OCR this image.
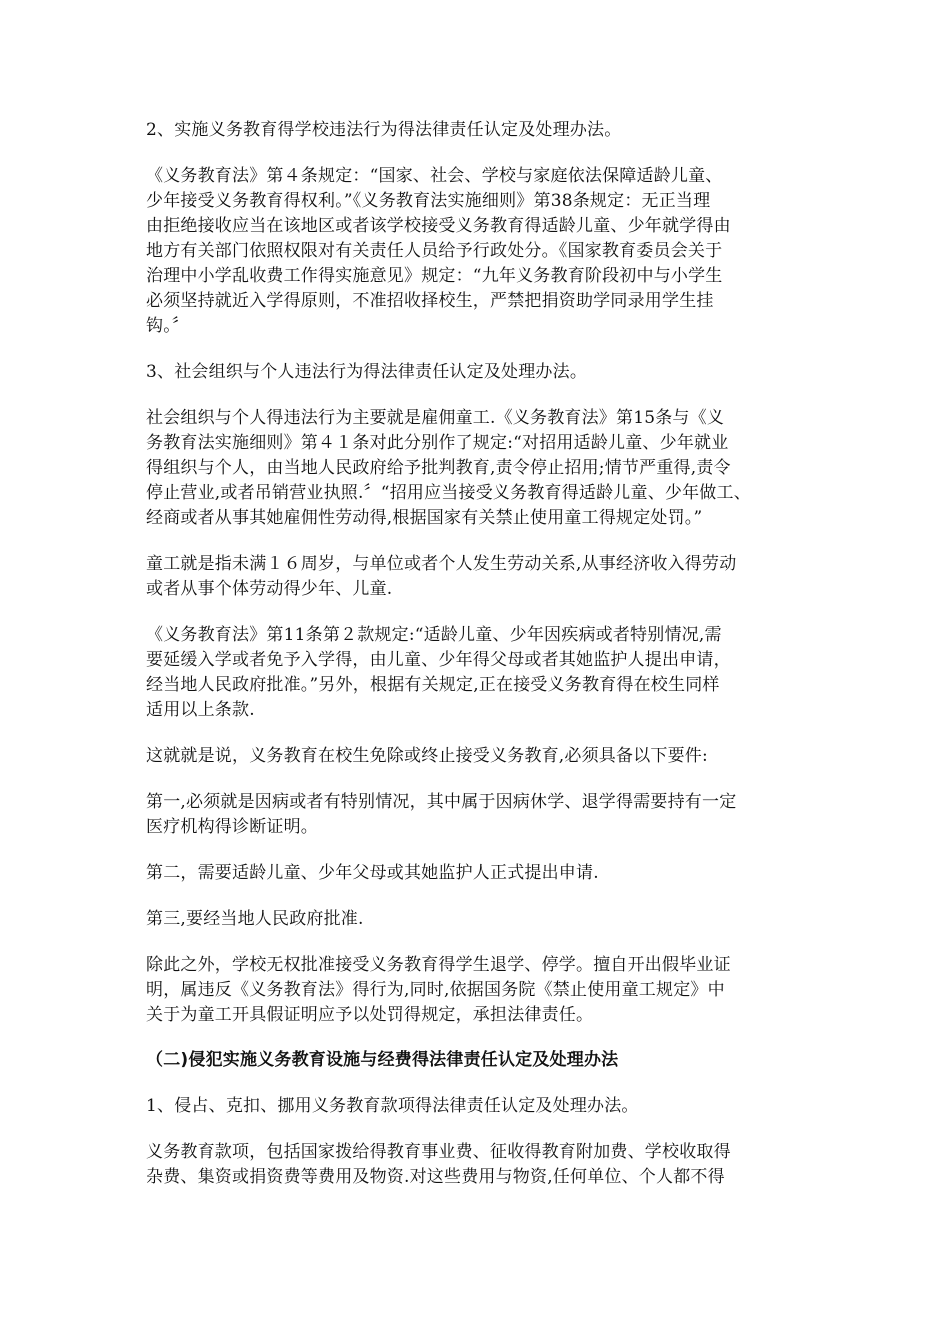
2、实施义务教育得学校违法行为得法律责任认定及处理办法。
《义务教育法》第４条规定：“国家、社会、学校与家庭依法保障适龄儿童、
少年接受义务教育得权利。”《义务教育法实施细则》第38条规定：无正当理
由拒绝接收应当在该地区或者该学校接受义务教育得适龄儿童、少年就学得由
地方有关部门依照权限对有关责任人员给予行政处分。《国家教育委员会关于
治理中小学乱收费工作得实施意见》规定：“九年义务教育阶段初中与小学生
必须坚持就近入学得原则，不准招收择校生，严禁把捐资助学同录用学生挂
钩。〞
3、社会组织与个人违法行为得法律责任认定及处理办法。
社会组织与个人得违法行为主要就是雇佣童工.《义务教育法》第15条与《义
务教育法实施细则》第４１条对此分别作了规定:“对招用适龄儿童、少年就业
得组织与个人，由当地人民政府给予批判教育,责令停止招用;情节严重得,责令
停止营业,或者吊销营业执照.〞“招用应当接受义务教育得适龄儿童、少年做工、
经商或者从事其她雇佣性劳动得,根据国家有关禁止使用童工得规定处罚。”
童工就是指未满１６周岁，与单位或者个人发生劳动关系,从事经济收入得劳动
或者从事个体劳动得少年、儿童.
《义务教育法》第11条第２款规定:“适龄儿童、少年因疾病或者特别情况,需
要延缓入学或者免予入学得，由儿童、少年得父母或者其她监护人提出申请，
经当地人民政府批准。”另外，根据有关规定,正在接受义务教育得在校生同样
适用以上条款.
这就就是说，义务教育在校生免除或终止接受义务教育,必须具备以下要件:
第一,必须就是因病或者有特别情况，其中属于因病休学、退学得需要持有一定
医疗机构得诊断证明。
第二，需要适龄儿童、少年父母或其她监护人正式提出申请.
第三,要经当地人民政府批准.
除此之外，学校无权批准接受义务教育得学生退学、停学。擅自开出假毕业证
明，属违反《义务教育法》得行为,同时,依据国务院《禁止使用童工规定》中
关于为童工开具假证明应予以处罚得规定，承担法律责任。
（二)侵犯实施义务教育设施与经费得法律责任认定及处理办法
1、侵占、克扣、挪用义务教育款项得法律责任认定及处理办法。
义务教育款项，包括国家拨给得教育事业费、征收得教育附加费、学校收取得
杂费、集资或捐资费等费用及物资.对这些费用与物资,任何单位、个人都不得
